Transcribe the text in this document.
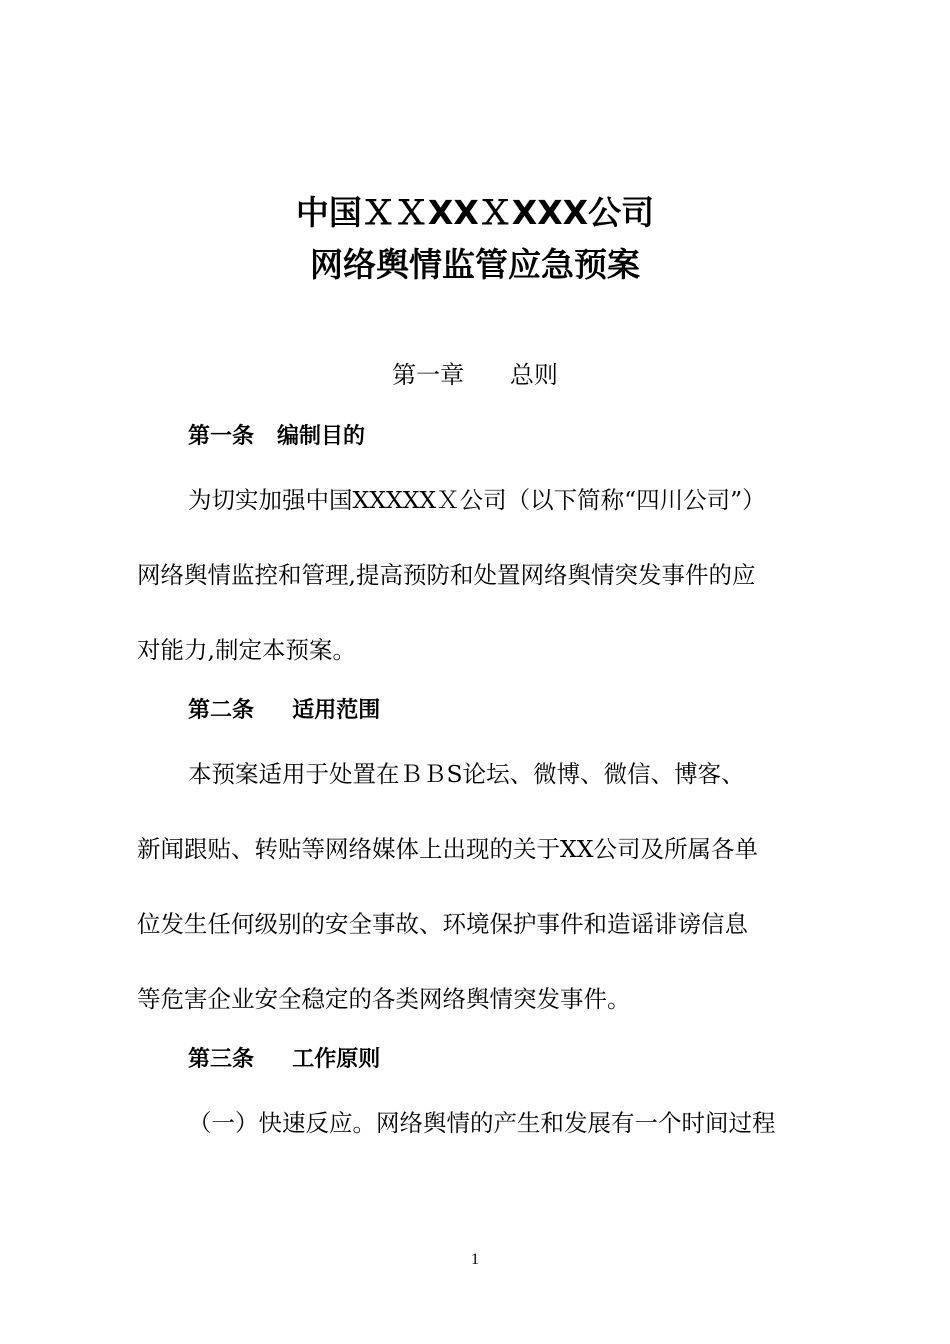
中国ＸＸXXＸXXX公司
网络舆情监管应急预案
第一章      总则
第一条   编制目的
为切实加强中国XXXXXＸ公司（以下简称“四川公司”）
网络舆情监控和管理,提高预防和处置网络舆情突发事件的应
对能力,制定本预案。
第二条     适用范围
本预案适用于处置在ＢＢS论坛、微博、微信、博客、
新闻跟贴、转贴等网络媒体上出现的关于XX公司及所属各单
位发生任何级别的安全事故、环境保护事件和造谣诽谤信息
等危害企业安全稳定的各类网络舆情突发事件。
第三条     工作原则
（一）快速反应。网络舆情的产生和发展有一个时间过程
1
